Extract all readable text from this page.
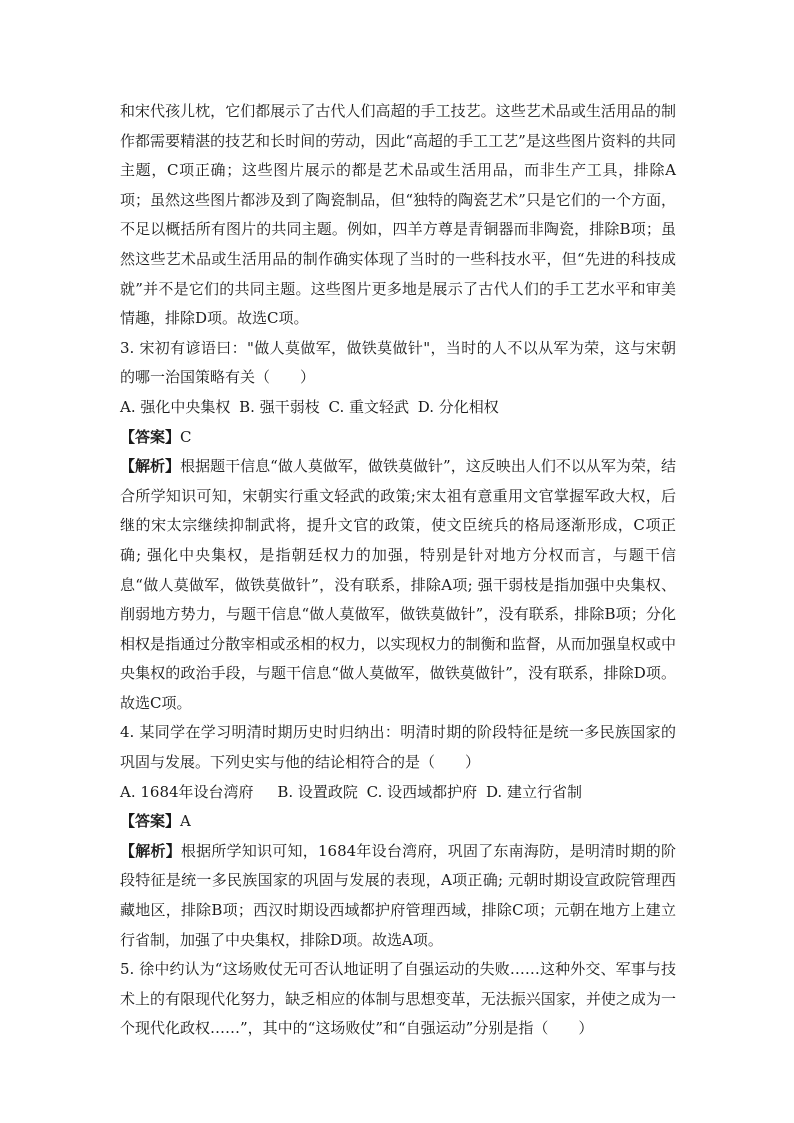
和宋代孩儿枕，它们都展示了古代人们高超的手工技艺。这些艺术品或生活用品的制作都需要精湛的技艺和长时间的劳动，因此“高超的手工工艺”是这些图片资料的共同主题，C项正确；这些图片展示的都是艺术品或生活用品，而非生产工具，排除A项；虽然这些图片都涉及到了陶瓷制品，但“独特的陶瓷艺术”只是它们的一个方面，不足以概括所有图片的共同主题。例如，四羊方尊是青铜器而非陶瓷，排除B项；虽然这些艺术品或生活用品的制作确实体现了当时的一些科技水平，但“先进的科技成就”并不是它们的共同主题。这些图片更多地是展示了古代人们的手工艺水平和审美情趣，排除D项。故选C项。

3. 宋初有谚语曰："做人莫做军，做铁莫做针"，当时的人不以从军为荣，这与宋朝的哪一治国策略有关（　　）

A. 强化中央集权 B. 强干弱枝 C. 重文轻武 D. 分化相权

【答案】C

【解析】根据题干信息“做人莫做军，做铁莫做针”，这反映出人们不以从军为荣，结合所学知识可知，宋朝实行重文轻武的政策;宋太祖有意重用文官掌握军政大权，后继的宋太宗继续抑制武将，提升文官的政策，使文臣统兵的格局逐渐形成，C项正确; 强化中央集权，是指朝廷权力的加强，特别是针对地方分权而言，与题干信息“做人莫做军，做铁莫做针”，没有联系，排除A项; 强干弱枝是指加强中央集权、削弱地方势力，与题干信息“做人莫做军，做铁莫做针”，没有联系，排除B项；分化相权是指通过分散宰相或丞相的权力，以实现权力的制衡和监督，从而加强皇权或中央集权的政治手段，与题干信息“做人莫做军，做铁莫做针”，没有联系，排除D项。故选C项。

4. 某同学在学习明清时期历史时归纳出：明清时期的阶段特征是统一多民族国家的巩固与发展。下列史实与他的结论相符合的是（　　）

A. 1684年设台湾府　 B. 设置政院 C. 设西域都护府 D. 建立行省制

【答案】A

【解析】根据所学知识可知，1684年设台湾府，巩固了东南海防，是明清时期的阶段特征是统一多民族国家的巩固与发展的表现，A项正确; 元朝时期设宣政院管理西藏地区，排除B项；西汉时期设西域都护府管理西域，排除C项；元朝在地方上建立行省制，加强了中央集权，排除D项。故选A项。

5. 徐中约认为“这场败仗无可否认地证明了自强运动的失败……这种外交、军事与技术上的有限现代化努力，缺乏相应的体制与思想变革，无法振兴国家，并使之成为一个现代化政权……”，其中的“这场败仗”和“自强运动”分别是指（　　）
